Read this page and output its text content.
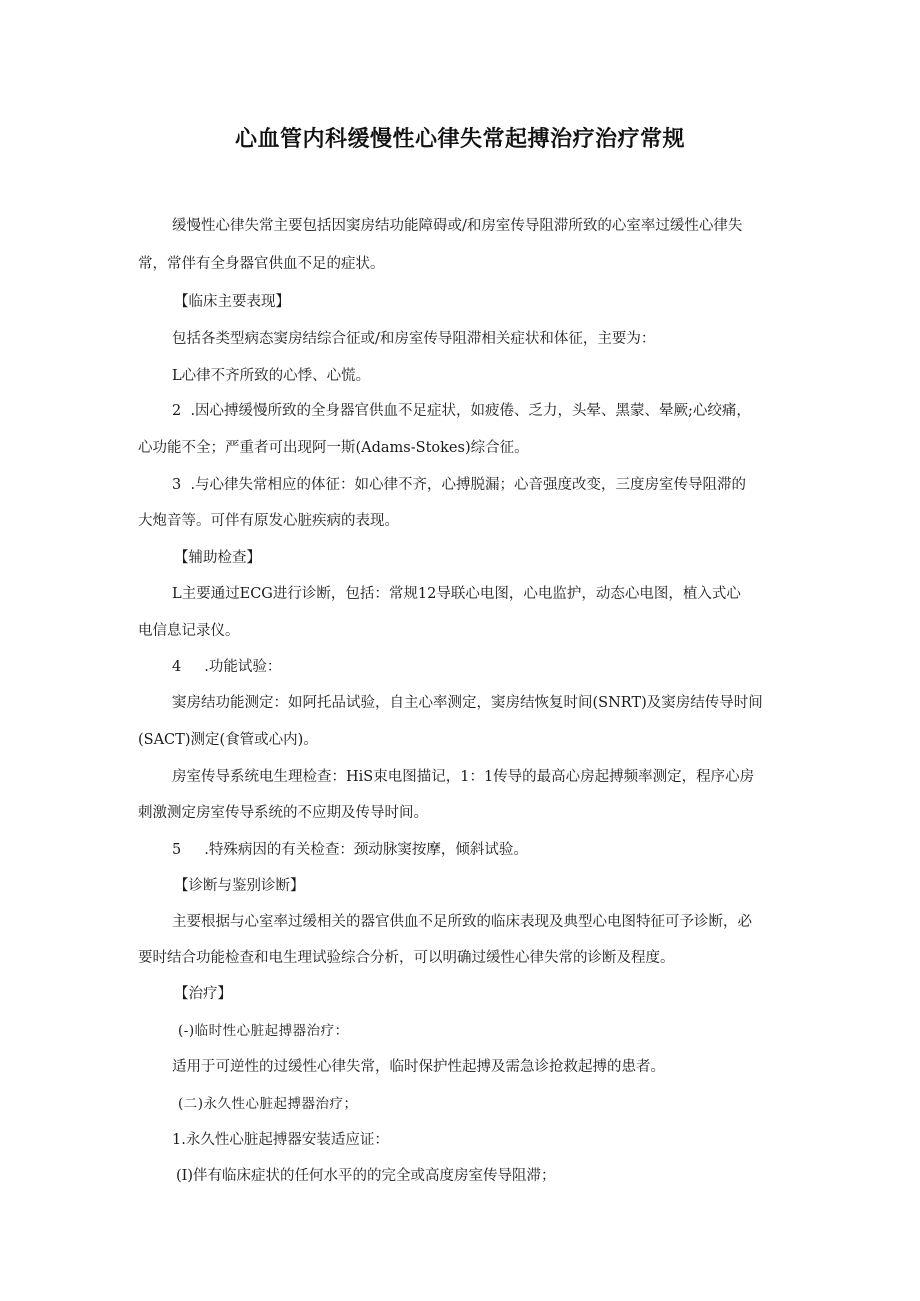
心血管内科缓慢性心律失常起搏治疗治疗常规
缓慢性心律失常主要包括因窦房结功能障碍或/和房室传导阻滞所致的心室率过缓性心律失
常，常伴有全身器官供血不足的症状。
【临床主要表现】
包括各类型病态窦房结综合征或/和房室传导阻滞相关症状和体征，主要为：
L心律不齐所致的心悸、心慌。
2  .因心搏缓慢所致的全身器官供血不足症状，如疲倦、乏力，头晕、黑蒙、晕厥;心绞痛，
心功能不全；严重者可出现阿一斯(Adams-Stokes)综合征。
3  .与心律失常相应的体征：如心律不齐，心搏脱漏；心音强度改变，三度房室传导阻滞的
大炮音等。可伴有原发心脏疾病的表现。
【辅助检查】
L主要通过ECG进行诊断，包括：常规12导联心电图，心电监护，动态心电图，植入式心
电信息记录仪。
4     .功能试验：
窦房结功能测定：如阿托品试验，自主心率测定，窦房结恢复时间(SNRT)及窦房结传导时间
(SACT)测定(食管或心内)。
房室传导系统电生理检查：HiS束电图描记，1：1传导的最高心房起搏频率测定，程序心房
刺激测定房室传导系统的不应期及传导时间。
5     .特殊病因的有关检查：颈动脉窦按摩，倾斜试验。
【诊断与鉴别诊断】
主要根据与心室率过缓相关的器官供血不足所致的临床表现及典型心电图特征可予诊断，必
要时结合功能检查和电生理试验综合分析，可以明确过缓性心律失常的诊断及程度。
【治疗】
(-)临时性心脏起搏器治疗：
适用于可逆性的过缓性心律失常，临时保护性起搏及需急诊抢救起搏的患者。
(二)永久性心脏起搏器治疗；
1.永久性心脏起搏器安装适应证：
(I)伴有临床症状的任何水平的的完全或高度房室传导阻滞；
